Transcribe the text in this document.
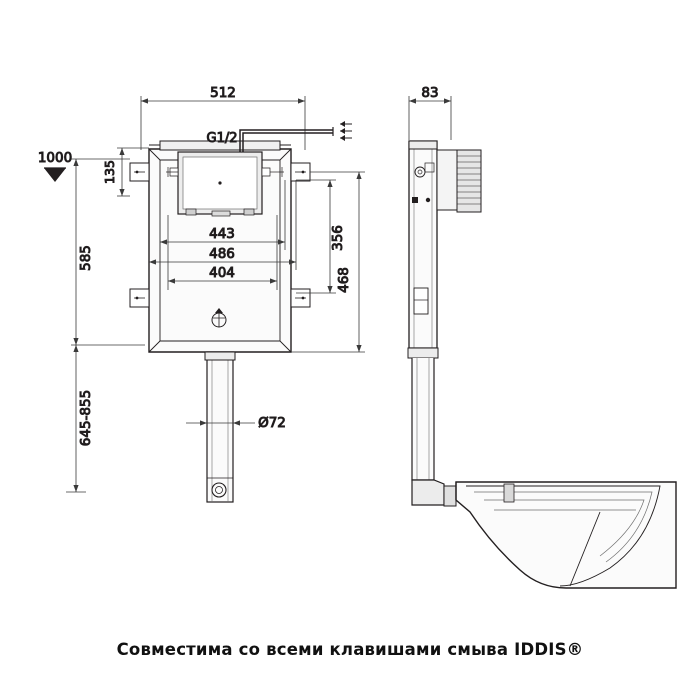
512
585
645-855
1000
135
G1/2
443
486
404
356
468
Ø72
83
Совместима со всеми клавишами смыва IDDIS®
